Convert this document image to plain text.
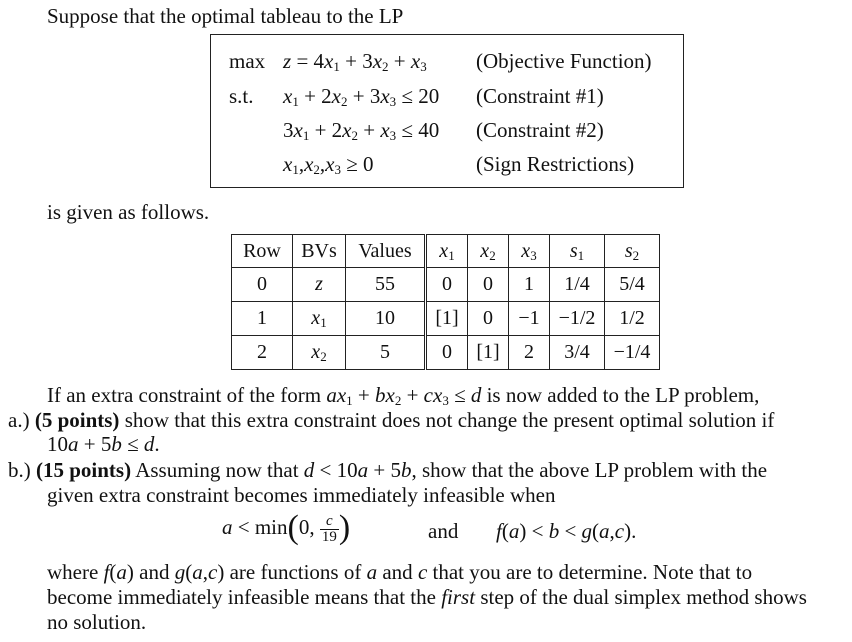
Suppose that the optimal tableau to the LP
$\max z = 4x_1 + 3x_2 + x_3$ (Objective Function)
s.t. $x_1 + 2x_2 + 3x_3 \le 20$ (Constraint #1)
$3x_1 + 2x_2 + x_3 \le 40$ (Constraint #2)
$x_1,x_2,x_3 \ge 0$	(Sign Restrictions)
is given as follows.
Row	BVs	Values	$x_1$	$x_2$	$x_3$	$s_1$	$s_2$
0	z	55	0	0	1	1/4	5/4
1	$x_1$	10	[1]	0	−1	−1/2	1/2
2	$x_2$	5	0	[1]	2	3/4	−1/4
If an extra constraint of the form $ax_1 + bx_2 + cx_3 \le d$ is now added to the LP problem,
a.) (5 points) show that this extra constraint does not change the present optimal solution if
10a + 5b ≤ d.
b.) (15 points) Assuming now that d < 10a + 5b, show that the above LP problem with the
given extra constraint becomes immediately infeasible when
a < min(0, $\frac{c}{19}$ )	and f(a) < b < g(a,c).
where f(a) and g(a,c) are functions of a and c that you are to determine. Note that to
become immediately infeasible means that the first step of the dual simplex method shows
no solution.
